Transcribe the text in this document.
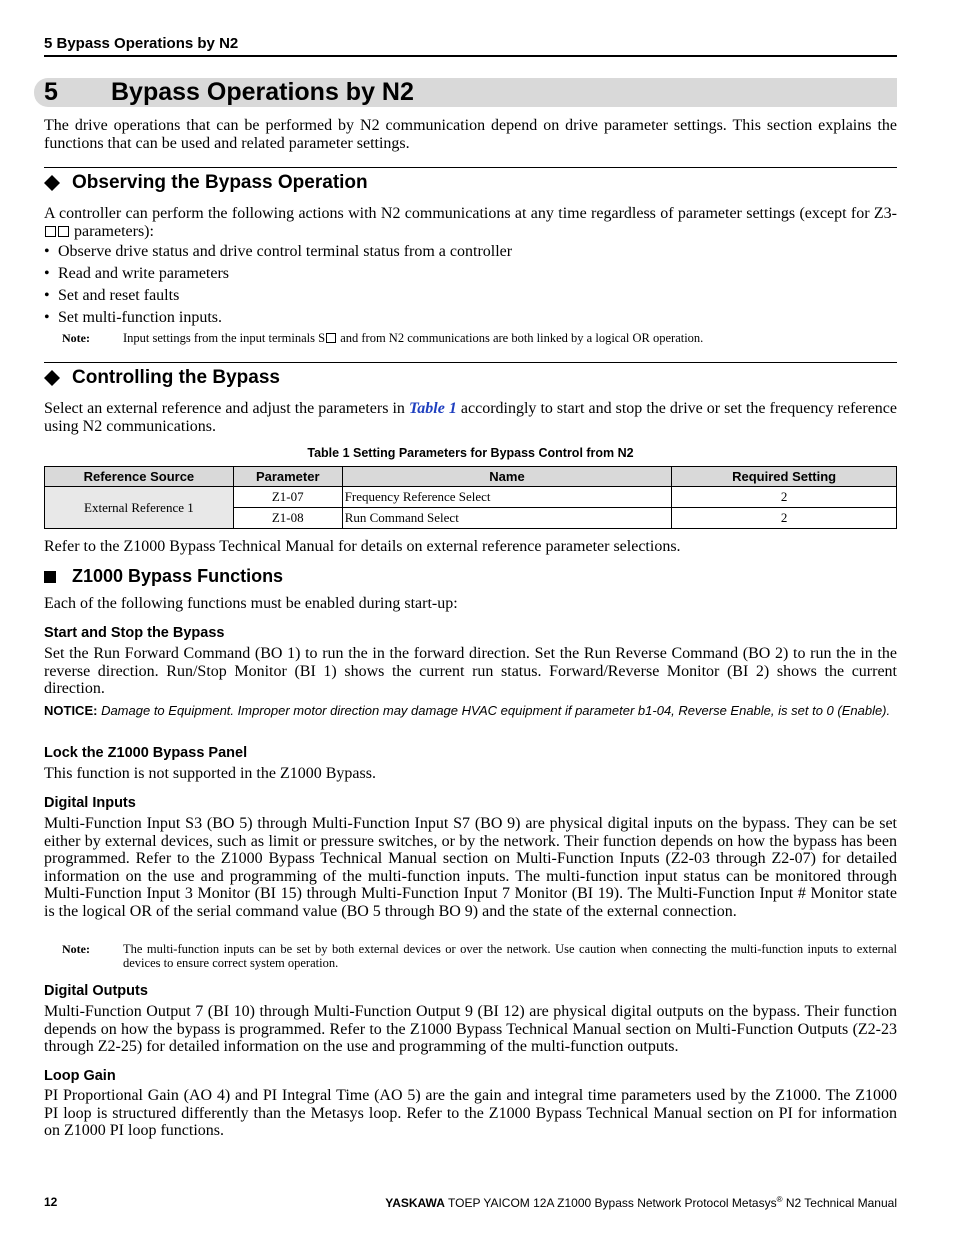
5 Bypass Operations by N2
5 Bypass Operations by N2
The drive operations that can be performed by N2 communication depend on drive parameter settings. This section explains the functions that can be used and related parameter settings.
Observing the Bypass Operation
A controller can perform the following actions with N2 communications at any time regardless of parameter settings (except for Z3- parameters):
• Observe drive status and drive control terminal status from a controller
• Read and write parameters
• Set and reset faults
• Set multi-function inputs.
Note:	Input settings from the input terminals S and from N2 communications are both linked by a logical OR operation.
Controlling the Bypass
Select an external reference and adjust the parameters in Table 1 accordingly to start and stop the drive or set the frequency reference using N2 communications.
Table 1 Setting Parameters for Bypass Control from N2
Reference Source	Parameter	Name	Required Setting
External Reference 1	Z1-07	Frequency Reference Select	2
	Z1-08	Run Command Select	2
Refer to the Z1000 Bypass Technical Manual for details on external reference parameter selections.
Z1000 Bypass Functions
Each of the following functions must be enabled during start-up:
Start and Stop the Bypass
Set the Run Forward Command (BO 1) to run the in the forward direction. Set the Run Reverse Command (BO 2) to run the in the reverse direction. Run/Stop Monitor (BI 1) shows the current run status. Forward/Reverse Monitor (BI 2) shows the current direction.
NOTICE: Damage to Equipment. Improper motor direction may damage HVAC equipment if parameter b1-04, Reverse Enable, is set to 0 (Enable).
Lock the Z1000 Bypass Panel
This function is not supported in the Z1000 Bypass.
Digital Inputs
Multi-Function Input S3 (BO 5) through Multi-Function Input S7 (BO 9) are physical digital inputs on the bypass. They can be set either by external devices, such as limit or pressure switches, or by the network. Their function depends on how the bypass has been programmed. Refer to the Z1000 Bypass Technical Manual section on Multi-Function Inputs (Z2-03 through Z2-07) for detailed information on the use and programming of the multi-function inputs. The multi-function input status can be monitored through Multi-Function Input 3 Monitor (BI 15) through Multi-Function Input 7 Monitor (BI 19). The Multi-Function Input # Monitor state is the logical OR of the serial command value (BO 5 through BO 9) and the state of the external connection.
Note:	The multi-function inputs can be set by both external devices or over the network. Use caution when connecting the multi-function inputs to external devices to ensure correct system operation.
Digital Outputs
Multi-Function Output 7 (BI 10) through Multi-Function Output 9 (BI 12) are physical digital outputs on the bypass. Their function depends on how the bypass is programmed. Refer to the Z1000 Bypass Technical Manual section on Multi-Function Outputs (Z2-23 through Z2-25) for detailed information on the use and programming of the multi-function outputs.
Loop Gain
PI Proportional Gain (AO 4) and PI Integral Time (AO 5) are the gain and integral time parameters used by the Z1000. The Z1000 PI loop is structured differently than the Metasys loop. Refer to the Z1000 Bypass Technical Manual section on PI for information on Z1000 PI loop functions.
12	YASKAWA TOEP YAICOM 12A Z1000 Bypass Network Protocol Metasys® N2 Technical Manual
